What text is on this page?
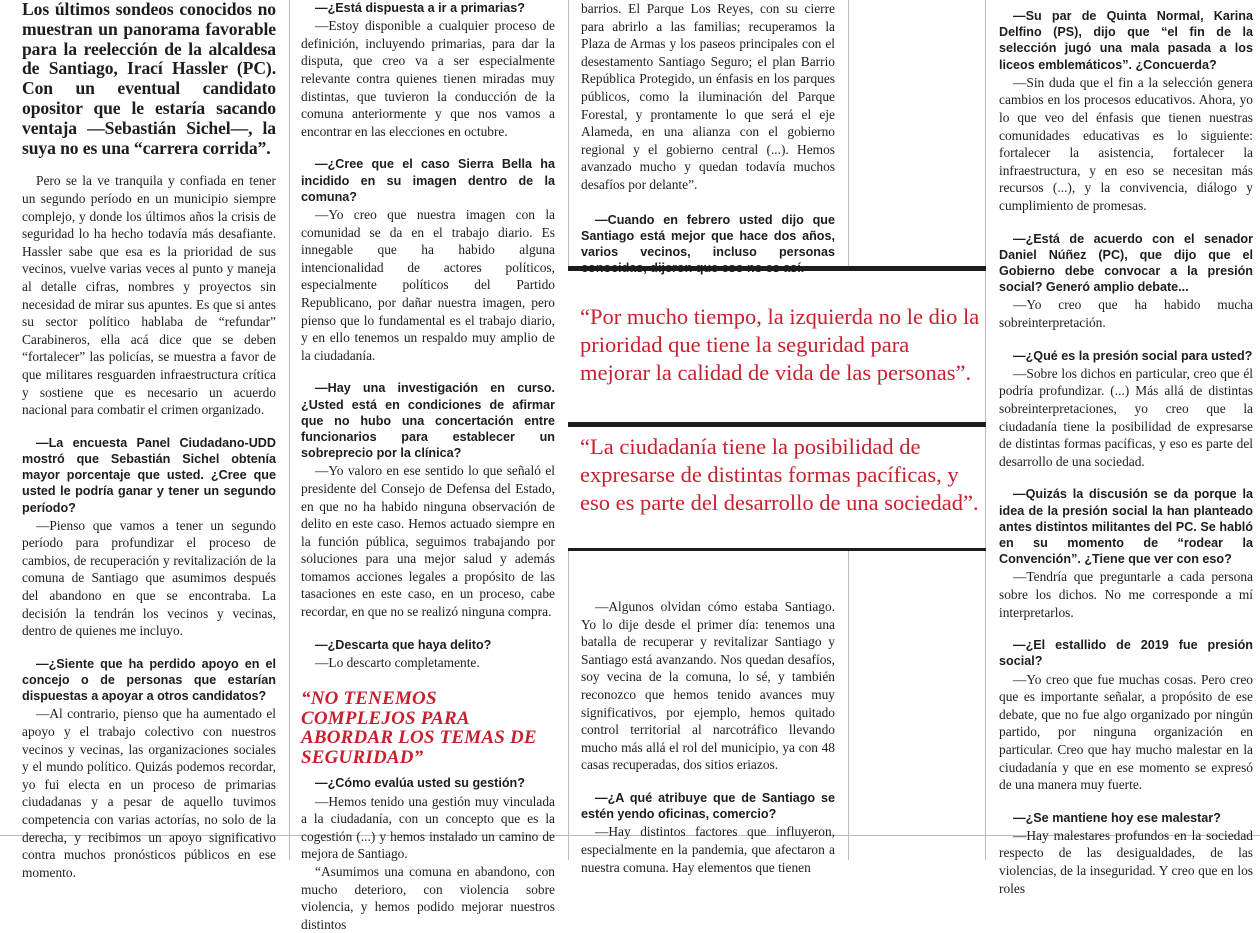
Los últimos sondeos conocidos no muestran un panorama favorable para la reelección de la alcaldesa de Santiago, Irací Hassler (PC). Con un eventual candidato opositor que le estaría sacando ventaja —Sebastián Sichel—, la suya no es una “carrera corrida”.

Pero se la ve tranquila y confiada en tener un segundo período en un municipio siempre complejo, y donde los últimos años la crisis de seguridad lo ha hecho todavía más desafiante. Hassler sabe que esa es la prioridad de sus vecinos, vuelve varias veces al punto y maneja al detalle cifras, nombres y proyectos sin necesidad de mirar sus apuntes. Es que si antes su sector político hablaba de “refundar” Carabineros, ella acá dice que se deben “fortalecer” las policías, se muestra a favor de que militares resguarden infraestructura crítica y sostiene que es necesario un acuerdo nacional para combatir el crimen organizado.

—La encuesta Panel Ciudadano-UDD mostró que Sebastián Sichel obtenía mayor porcentaje que usted. ¿Cree que usted le podría ganar y tener un segundo período?

—Pienso que vamos a tener un segundo período para profundizar el proceso de cambios, de recuperación y revitalización de la comuna de Santiago que asumimos después del abandono en que se encontraba. La decisión la tendrán los vecinos y vecinas, dentro de quienes me incluyo.

—¿Siente que ha perdido apoyo en el concejo o de personas que estarían dispuestas a apoyar a otros candidatos?

—Al contrario, pienso que ha aumentado el apoyo y el trabajo colectivo con nuestros vecinos y vecinas, las organizaciones sociales y el mundo político. Quizás podemos recordar, yo fui electa en un proceso de primarias ciudadanas y a pesar de aquello tuvimos competencia con varias actorías, no solo de la derecha, y recibimos un apoyo significativo contra muchos pronósticos públicos en ese momento.

—¿Está dispuesta a ir a primarias?

—Estoy disponible a cualquier proceso de definición, incluyendo primarias, para dar la disputa, que creo va a ser especialmente relevante contra quienes tienen miradas muy distintas, que tuvieron la conducción de la comuna anteriormente y que nos vamos a encontrar en las elecciones en octubre.

—¿Cree que el caso Sierra Bella ha incidido en su imagen dentro de la comuna?

—Yo creo que nuestra imagen con la comunidad se da en el trabajo diario. Es innegable que ha habido alguna intencionalidad de actores políticos, especialmente políticos del Partido Republicano, por dañar nuestra imagen, pero pienso que lo fundamental es el trabajo diario, y en ello tenemos un respaldo muy amplio de la ciudadanía.

—Hay una investigación en curso. ¿Usted está en condiciones de afirmar que no hubo una concertación entre funcionarios para establecer un sobreprecio por la clínica?

—Yo valoro en ese sentido lo que señaló el presidente del Consejo de Defensa del Estado, en que no ha habido ninguna observación de delito en este caso. Hemos actuado siempre en la función pública, seguimos trabajando por soluciones para una mejor salud y además tomamos acciones legales a propósito de las tasaciones en este caso, en un proceso, cabe recordar, en que no se realizó ninguna compra.

—¿Descarta que haya delito?

—Lo descarto completamente.

“NO TENEMOS COMPLEJOS PARA ABORDAR LOS TEMAS DE SEGURIDAD”

—¿Cómo evalúa usted su gestión?

—Hemos tenido una gestión muy vinculada a la ciudadanía, con un concepto que es la cogestión (...) y hemos instalado un camino de mejora de Santiago.

“Asumimos una comuna en abandono, con mucho deterioro, con violencia sobre violencia, y hemos podido mejorar nuestros distintos

barrios. El Parque Los Reyes, con su cierre para abrirlo a las familias; recuperamos la Plaza de Armas y los paseos principales con el desestamento Santiago Seguro; el plan Barrio República Protegido, un énfasis en los parques públicos, como la iluminación del Parque Forestal, y prontamente lo que será el eje Alameda, en una alianza con el gobierno regional y el gobierno central (...). Hemos avanzado mucho y quedan todavía muchos desafíos por delante”.

—Cuando en febrero usted dijo que Santiago está mejor que hace dos años, varios vecinos, incluso personas

“Por mucho tiempo, la izquierda no le dio la prioridad que tiene la seguridad para mejorar la calidad de vida de las personas”.
“La ciudadanía tiene la posibilidad de expresarse de distintas formas pacíficas, y eso es parte del desarrollo de una sociedad”.

—Algunos olvidan cómo estaba Santiago. Yo lo dije desde el primer día: tenemos una batalla de recuperar y revitalizar Santiago y Santiago está avanzando. Nos quedan desafíos, soy vecina de la comuna, lo sé, y también reconozco que hemos tenido avances muy significativos, por ejemplo, hemos quitado control territorial al narcotráfico llevando mucho más allá el rol del municipio, ya con 48 casas recuperadas, dos sitios eriazos.

—¿A qué atribuye que de Santiago se estén yendo oficinas, comercio?

—Hay distintos factores que influyeron, especialmente en la pandemia, que afectaron a nuestra comuna. Hay elementos que tienen

—Su par de Quinta Normal, Karina Delfino (PS), dijo que “el fin de la selección jugó una mala pasada a los liceos emblemáticos”. ¿Concuerda?

—Sin duda que el fin a la selección genera cambios en los procesos educativos. Ahora, yo lo que veo del énfasis que tienen nuestras comunidades educativas es lo siguiente: fortalecer la asistencia, fortalecer la infraestructura, y en eso se necesitan más recursos (...), y la convivencia, diálogo y cumplimiento de promesas.

—¿Está de acuerdo con el senador Daniel Núñez (PC), que dijo que el Gobierno debe convocar a la presión social? Generó amplio debate...

—Yo creo que ha habido mucha sobreinterpretación.

—¿Qué es la presión social para usted?

—Sobre los dichos en particular, creo que él podría profundizar. (...) Más allá de distintas sobreinterpretaciones, yo creo que la ciudadanía tiene la posibilidad de expresarse de distintas formas pacíficas, y eso es parte del desarrollo de una sociedad.

—Quizás la discusión se da porque la idea de la presión social la han planteado antes distintos militantes del PC. Se habló en su momento de “rodear la Convención”. ¿Tiene que ver con eso?

—Tendría que preguntarle a cada persona sobre los dichos. No me corresponde a mí interpretarlos.

—¿El estallido de 2019 fue presión social?

—Yo creo que fue muchas cosas. Pero creo que es importante señalar, a propósito de ese debate, que no fue algo organizado por ningún partido, por ninguna organización en particular. Creo que hay mucho malestar en la ciudadanía y que en ese momento se expresó de una manera muy fuerte.

—¿Se mantiene hoy ese malestar?

—Hay malestares profundos en la sociedad respecto de las desigualdades, de las violencias, de la inseguridad. Y creo que en los roles
